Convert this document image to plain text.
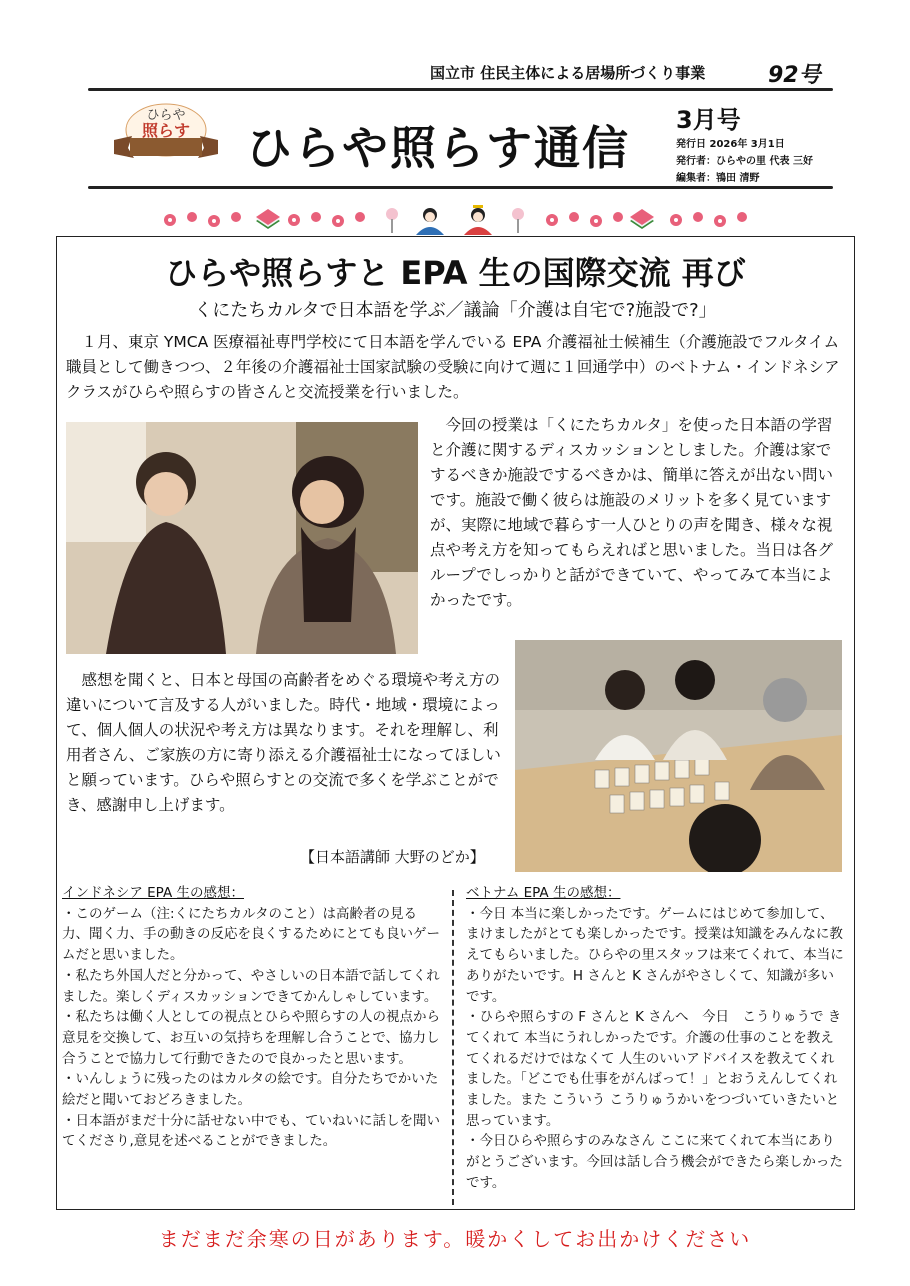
国立市 住民主体による居場所づくり事業	92号
ひらや
照らす ひらや照らす通信
3月号
発行日 2026年 3月1日
発行者：ひらやの里 代表 三好
編集者：鴇田 清野
ひらや照らすと EPA 生の国際交流 再び
くにたちカルタで日本語を学ぶ／議論「介護は自宅で?施設で?」
　１月、東京 YMCA 医療福祉専門学校にて日本語を学んでいる EPA 介護福祉士候補生（介護施設でフルタイム職員として働きつつ、２年後の介護福祉士国家試験の受験に向けて週に１回通学中）のベトナム・インドネシアクラスがひらや照らすの皆さんと交流授業を行いました。
　今回の授業は「くにたちカルタ」を使った日本語の学習と介護に関するディスカッションとしました。介護は家でするべきか施設でするべきかは、簡単に答えが出ない問いです。施設で働く彼らは施設のメリットを多く見ていますが、実際に地域で暮らす一人ひとりの声を聞き、様々な視点や考え方を知ってもらえればと思いました。当日は各グループでしっかりと話ができていて、やってみて本当によかったです。
　感想を聞くと、日本と母国の高齢者をめぐる環境や考え方の違いについて言及する人がいました。時代・地域・環境によって、個人個人の状況や考え方は異なります。それを理解し、利用者さん、ご家族の方に寄り添える介護福祉士になってほしいと願っています。ひらや照らすとの交流で多くを学ぶことができ、感謝申し上げます。
【日本語講師 大野のどか】
インドネシア EPA 生の感想：
・このゲーム（注:くにたちカルタのこと）は高齢者の見る力、聞く力、手の動きの反応を良くするためにとても良いゲームだと思いました。
・私たち外国人だと分かって、やさしいの日本語で話してくれました。楽しくディスカッションできてかんしゃしています。
・私たちは働く人としての視点とひらや照らすの人の視点から意見を交換して、お互いの気持ちを理解し合うことで、協力し合うことで協力して行動できたので良かったと思います。
・いんしょうに残ったのはカルタの絵です。自分たちでかいた絵だと聞いておどろきました。
・日本語がまだ十分に話せない中でも、ていねいに話しを聞いてくださり,意見を述べることができました。
ベトナム EPA 生の感想：
・今日 本当に楽しかったです。ゲームにはじめて参加して、まけましたがとても楽しかったです。授業は知識をみんなに教えてもらいました。ひらやの里スタッフは来てくれて、本当にありがたいです。H さんと K さんがやさしくて、知識が多いです。
・ひらや照らすの F さんと K さんへ　今日　こうりゅうで きてくれて 本当にうれしかったです。介護の仕事のことを教えてくれるだけではなくて 人生のいいアドバイスを教えてくれました。「どこでも仕事をがんばって！」とおうえんしてくれました。また こういう こうりゅうかいをつづいていきたいと思っています。
・今日ひらや照らすのみなさん ここに来てくれて本当にありがとうございます。今回は話し合う機会ができたら楽しかったです。
まだまだ余寒の日があります。暖かくしてお出かけください
